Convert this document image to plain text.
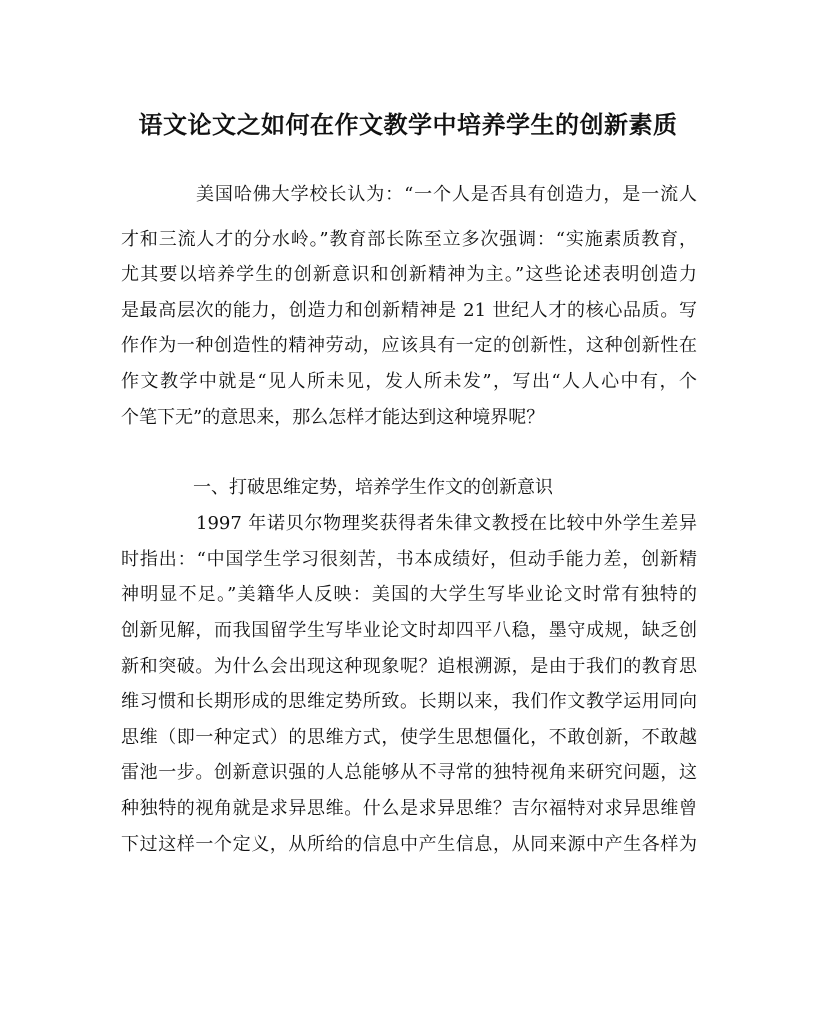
语文论文之如何在作文教学中培养学生的创新素质
美国哈佛大学校长认为：“一个人是否具有创造力，是一流人
才和三流人才的分水岭。”教育部长陈至立多次强调：“实施素质教育，
尤其要以培养学生的创新意识和创新精神为主。”这些论述表明创造力
是最高层次的能力，创造力和创新精神是 21 世纪人才的核心品质。写
作作为一种创造性的精神劳动，应该具有一定的创新性，这种创新性在
作文教学中就是“见人所未见，发人所未发”，写出“人人心中有，个
个笔下无”的意思来，那么怎样才能达到这种境界呢？
一、打破思维定势，培养学生作文的创新意识
1997 年诺贝尔物理奖获得者朱律文教授在比较中外学生差异
时指出：“中国学生学习很刻苦，书本成绩好，但动手能力差，创新精
神明显不足。”美籍华人反映：美国的大学生写毕业论文时常有独特的
创新见解，而我国留学生写毕业论文时却四平八稳，墨守成规，缺乏创
新和突破。为什么会出现这种现象呢？追根溯源，是由于我们的教育思
维习惯和长期形成的思维定势所致。长期以来，我们作文教学运用同向
思维（即一种定式）的思维方式，使学生思想僵化，不敢创新，不敢越
雷池一步。创新意识强的人总能够从不寻常的独特视角来研究问题，这
种独特的视角就是求异思维。什么是求异思维？吉尔福特对求异思维曾
下过这样一个定义，从所给的信息中产生信息，从同来源中产生各样为
